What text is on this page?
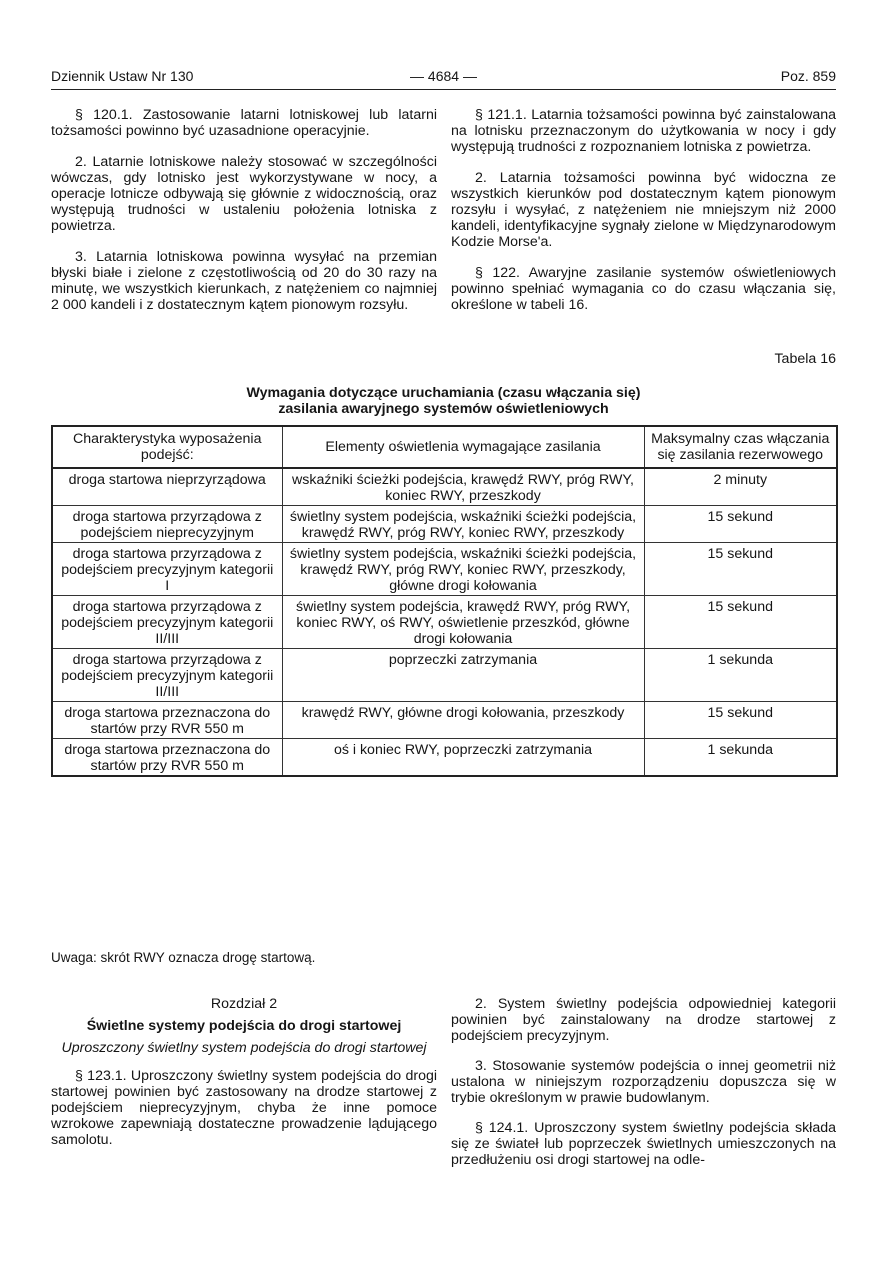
Dziennik Ustaw Nr 130	— 4684 —	Poz. 859

§ 120.1. Zastosowanie latarni lotniskowej lub latarni tożsamości powinno być uzasadnione operacyjnie.

2. Latarnie lotniskowe należy stosować w szczególności wówczas, gdy lotnisko jest wykorzystywane w nocy, a operacje lotnicze odbywają się głównie z widocznością, oraz występują trudności w ustaleniu położenia lotniska z powietrza.

3. Latarnia lotniskowa powinna wysyłać na przemian błyski białe i zielone z częstotliwością od 20 do 30 razy na minutę, we wszystkich kierunkach, z natężeniem co najmniej 2 000 kandeli i z dostatecznym kątem pionowym rozsyłu.

§ 121.1. Latarnia tożsamości powinna być zainstalowana na lotnisku przeznaczonym do użytkowania w nocy i gdy występują trudności z rozpoznaniem lotniska z powietrza.

2. Latarnia tożsamości powinna być widoczna ze wszystkich kierunków pod dostatecznym kątem pionowym rozsyłu i wysyłać, z natężeniem nie mniejszym niż 2000 kandeli, identyfikacyjne sygnały zielone w Międzynarodowym Kodzie Morse'a.

§ 122. Awaryjne zasilanie systemów oświetleniowych powinno spełniać wymagania co do czasu włączania się, określone w tabeli 16.

Tabela 16
Wymagania dotyczące uruchamiania (czasu włączania się)
zasilania awaryjnego systemów oświetleniowych
Charakterystyka wyposażenia podejść:	Elementy oświetlenia wymagające zasilania	Maksymalny czas włączania się zasilania rezerwowego
droga startowa nieprzyrządowa	wskaźniki ścieżki podejścia, krawędź RWY, próg RWY, koniec RWY, przeszkody	2 minuty
droga startowa przyrządowa z podejściem nieprecyzyjnym	świetlny system podejścia, wskaźniki ścieżki podejścia, krawędź RWY, próg RWY, koniec RWY, przeszkody	15 sekund
droga startowa przyrządowa z podejściem precyzyjnym kategorii I	świetlny system podejścia, wskaźniki ścieżki podejścia, krawędź RWY, próg RWY, koniec RWY, przeszkody, główne drogi kołowania	15 sekund
droga startowa przyrządowa z podejściem precyzyjnym kategorii II/III	świetlny system podejścia, krawędź RWY, próg RWY, koniec RWY, oś RWY, oświetlenie przeszkód, główne drogi kołowania	15 sekund
droga startowa przyrządowa z podejściem precyzyjnym kategorii II/III	poprzeczki zatrzymania	1 sekunda
droga startowa przeznaczona do startów przy RVR 550 m	krawędź RWY, główne drogi kołowania, przeszkody	15 sekund
droga startowa przeznaczona do startów przy RVR 550 m	oś i koniec RWY, poprzeczki zatrzymania	1 sekunda
Uwaga: skrót RWY oznacza drogę startową.
Rozdział 2
Świetlne systemy podejścia do drogi startowej
Uproszczony świetlny system podejścia do drogi startowej

§ 123.1. Uproszczony świetlny system podejścia do drogi startowej powinien być zastosowany na drodze startowej z podejściem nieprecyzyjnym, chyba że inne pomoce wzrokowe zapewniają dostateczne prowadzenie lądującego samolotu.

2. System świetlny podejścia odpowiedniej kategorii powinien być zainstalowany na drodze startowej z podejściem precyzyjnym.

3. Stosowanie systemów podejścia o innej geometrii niż ustalona w niniejszym rozporządzeniu dopuszcza się w trybie określonym w prawie budowlanym.

§ 124.1. Uproszczony system świetlny podejścia składa się ze świateł lub poprzeczek świetlnych umieszczonych na przedłużeniu osi drogi startowej na odle-
